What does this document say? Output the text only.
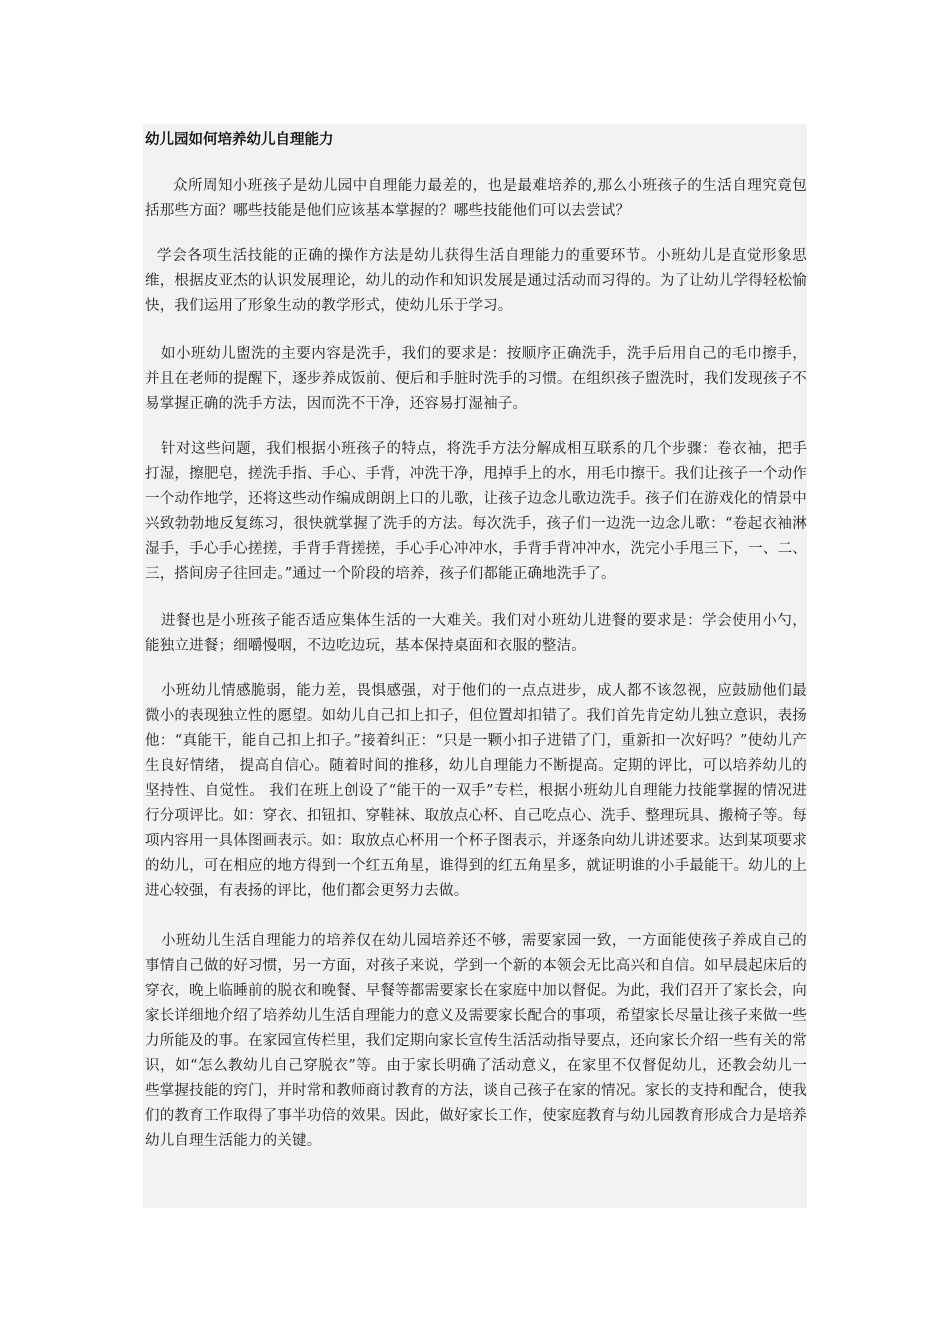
幼儿园如何培养幼儿自理能力

众所周知小班孩子是幼儿园中自理能力最差的，也是最难培养的,那么小班孩子的生活自理究竟包括那些方面？哪些技能是他们应该基本掌握的？哪些技能他们可以去尝试？

学会各项生活技能的正确的操作方法是幼儿获得生活自理能力的重要环节。小班幼儿是直觉形象思维，根据皮亚杰的认识发展理论，幼儿的动作和知识发展是通过活动而习得的。为了让幼儿学得轻松愉快，我们运用了形象生动的教学形式，使幼儿乐于学习。

如小班幼儿盥洗的主要内容是洗手，我们的要求是：按顺序正确洗手，洗手后用自己的毛巾擦手，并且在老师的提醒下，逐步养成饭前、便后和手脏时洗手的习惯。在组织孩子盥洗时，我们发现孩子不易掌握正确的洗手方法，因而洗不干净，还容易打湿袖子。

针对这些问题，我们根据小班孩子的特点，将洗手方法分解成相互联系的几个步骤：卷衣袖，把手打湿，擦肥皂，搓洗手指、手心、手背，冲洗干净，甩掉手上的水，用毛巾擦干。我们让孩子一个动作一个动作地学，还将这些动作编成朗朗上口的儿歌，让孩子边念儿歌边洗手。孩子们在游戏化的情景中兴致勃勃地反复练习，很快就掌握了洗手的方法。每次洗手，孩子们一边洗一边念儿歌：“卷起衣袖淋湿手，手心手心搓搓，手背手背搓搓，手心手心冲冲水，手背手背冲冲水，洗完小手甩三下，一、二、三，搭间房子往回走。”通过一个阶段的培养，孩子们都能正确地洗手了。

进餐也是小班孩子能否适应集体生活的一大难关。我们对小班幼儿进餐的要求是：学会使用小勺，能独立进餐；细嚼慢咽，不边吃边玩，基本保持桌面和衣服的整洁。

小班幼儿情感脆弱，能力差，畏惧感强，对于他们的一点点进步，成人都不该忽视，应鼓励他们最微小的表现独立性的愿望。如幼儿自己扣上扣子，但位置却扣错了。我们首先肯定幼儿独立意识，表扬他：“真能干，能自己扣上扣子。”接着纠正：“只是一颗小扣子进错了门，重新扣一次好吗？”使幼儿产生良好情绪， 提高自信心。随着时间的推移，幼儿自理能力不断提高。定期的评比，可以培养幼儿的坚持性、自觉性。 我们在班上创设了“能干的一双手”专栏，根据小班幼儿自理能力技能掌握的情况进行分项评比。如：穿衣、扣钮扣、穿鞋袜、取放点心杯、自己吃点心、洗手、整理玩具、搬椅子等。每项内容用一具体图画表示。如：取放点心杯用一个杯子图表示，并逐条向幼儿讲述要求。达到某项要求的幼儿，可在相应的地方得到一个红五角星，谁得到的红五角星多，就证明谁的小手最能干。幼儿的上进心较强，有表扬的评比，他们都会更努力去做。

小班幼儿生活自理能力的培养仅在幼儿园培养还不够，需要家园一致，一方面能使孩子养成自己的事情自己做的好习惯，另一方面，对孩子来说，学到一个新的本领会无比高兴和自信。如早晨起床后的穿衣，晚上临睡前的脱衣和晚餐、早餐等都需要家长在家庭中加以督促。为此，我们召开了家长会，向家长详细地介绍了培养幼儿生活自理能力的意义及需要家长配合的事项，希望家长尽量让孩子来做一些力所能及的事。在家园宣传栏里，我们定期向家长宣传生活活动指导要点，还向家长介绍一些有关的常识，如“怎么教幼儿自己穿脱衣”等。由于家长明确了活动意义，在家里不仅督促幼儿，还教会幼儿一些掌握技能的窍门，并时常和教师商讨教育的方法，谈自己孩子在家的情况。家长的支持和配合，使我们的教育工作取得了事半功倍的效果。因此，做好家长工作，使家庭教育与幼儿园教育形成合力是培养幼儿自理生活能力的关键。
